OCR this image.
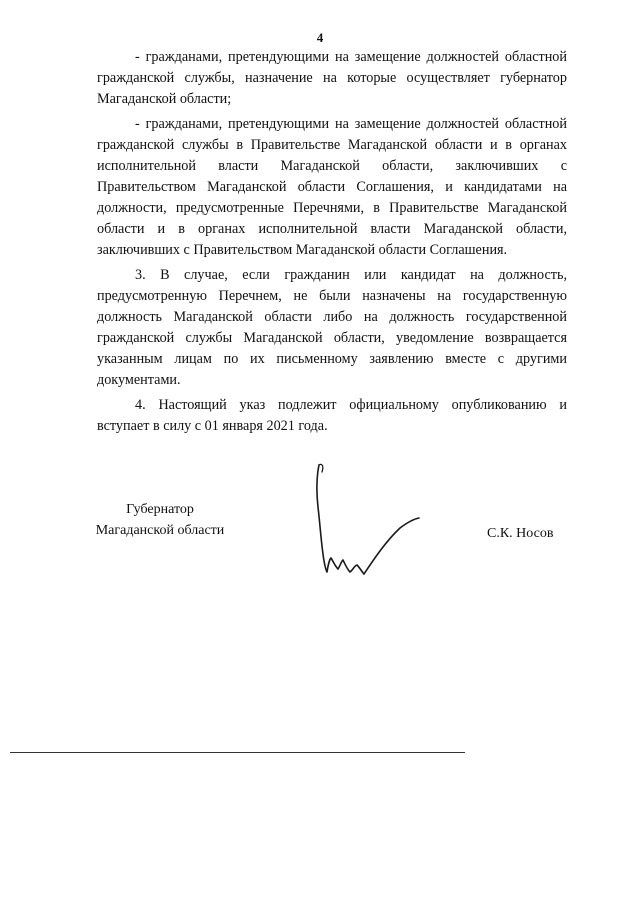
4

- гражданами, претендующими на замещение должностей областной гражданской службы, назначение на которые осуществляет губернатор Магаданской области;

- гражданами, претендующими на замещение должностей областной гражданской службы в Правительстве Магаданской области и в органах исполнительной власти Магаданской области, заключивших с Правительством Магаданской области Соглашения, и кандидатами на должности, предусмотренные Перечнями, в Правительстве Магаданской области и в органах исполнительной власти Магаданской области, заключивших с Правительством Магаданской области Соглашения.

3. В случае, если гражданин или кандидат на должность, предусмотренную Перечнем, не были назначены на государственную должность Магаданской области либо на должность государственной гражданской службы Магаданской области, уведомление возвращается указанным лицам по их письменному заявлению вместе с другими документами.

4. Настоящий указ подлежит официальному опубликованию и вступает в силу с 01 января 2021 года.

Губернатор
Магаданской области	С.К. Носов
